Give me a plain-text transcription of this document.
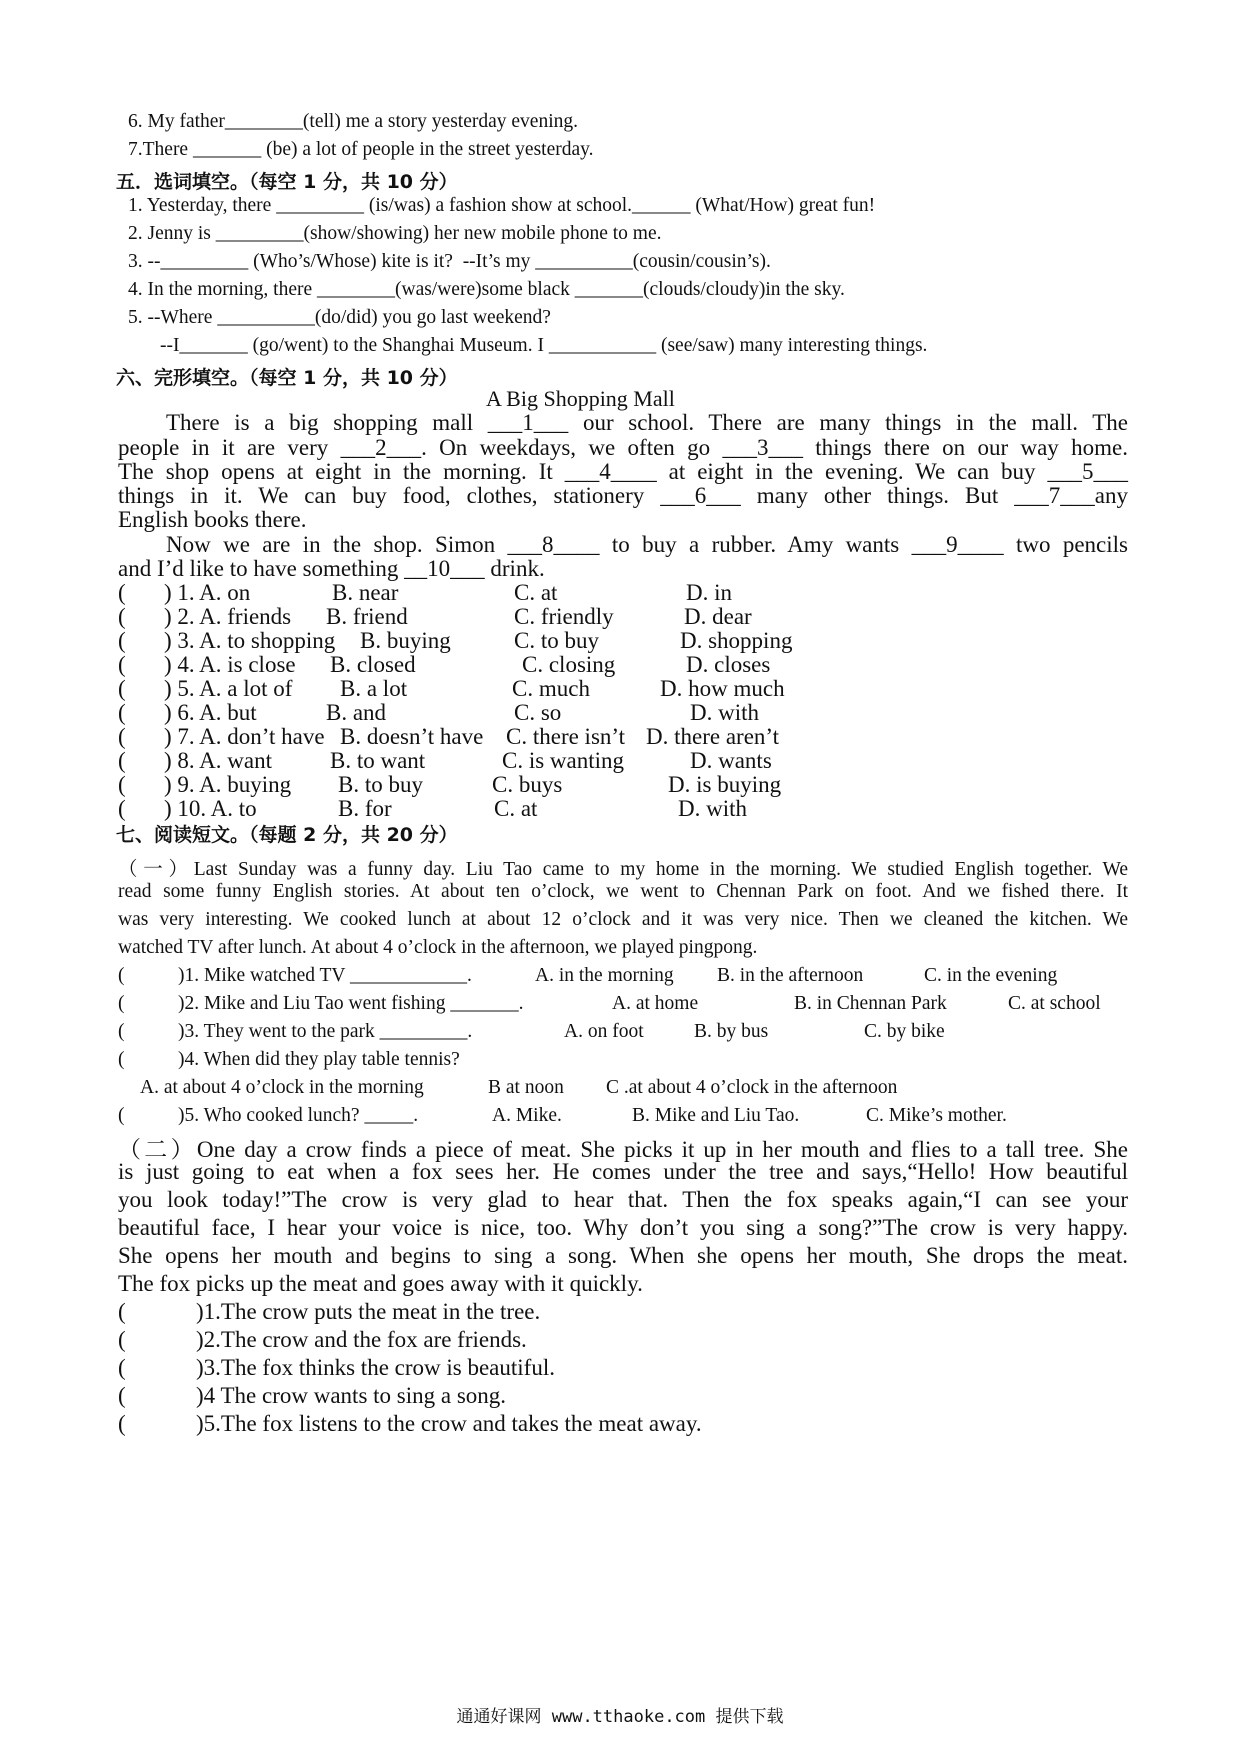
6. My father________(tell) me a story yesterday evening.
7.There _______ (be) a lot of people in the street yesterday.
五．选词填空。（每空 1 分，共 10 分）
1. Yesterday, there _________ (is/was) a fashion show at school.______ (What/How) great fun!
2. Jenny is _________(show/showing) her new mobile phone to me.
3. --_________ (Who’s/Whose) kite is it?  --It’s my __________(cousin/cousin’s).
4. In the morning, there ________(was/were)some black _______(clouds/cloudy)in the sky.
5. --Where __________(do/did) you go last weekend?
--I_______ (go/went) to the Shanghai Museum. I ___________ (see/saw) many interesting things.
六、完形填空。（每空 1 分，共 10 分）
A Big Shopping Mall
There is a big shopping mall ___1___ our school. There are many things in the mall. The
people in it are very ___2___. On weekdays, we often go ___3___ things there on our way home.
The shop opens at eight in the morning. It ___4____ at eight in the evening. We can buy ___5___
things in it. We can buy food, clothes, stationery ___6___ many other things. But ___7___any
English books there.
Now we are in the shop. Simon ___8____ to buy a rubber. Amy wants ___9____ two pencils
and I’d like to have something __10___ drink.
( ) 1. A. on	B. near	C. at	D. in
( ) 2. A. friends B. friend	C. friendly	D. dear
( ) 3. A. to shopping B. buying	C. to buy	D. shopping
( ) 4. A. is close B. closed	C. closing	D. closes
( ) 5. A. a lot of B. a lot	C. much	D. how much
( ) 6. A. but	B. and	C. so	D. with
( ) 7. A. don’t have B. doesn’t have C. there isn’t D. there aren’t
( ) 8. A. want	B. to want	C. is wanting	D. wants
( ) 9. A. buying B. to buy	C. buys	D. is buying
( ) 10. A. to	B. for	C. at	D. with
七、阅读短文。（每题 2 分，共 20 分）
（一）Last Sunday was a funny day. Liu Tao came to my home in the morning. We studied English together. We
read some funny English stories. At about ten o’clock, we went to Chennan Park on foot. And we fished there. It
was very interesting. We cooked lunch at about 12 o’clock and it was very nice. Then we cleaned the kitchen. We
watched TV after lunch. At about 4 o’clock in the afternoon, we played pingpong.
(	)1. Mike watched TV ____________.	A. in the morning B. in the afternoon	C. in the evening
(	)2. Mike and Liu Tao went fishing _______.	A. at home	B. in Chennan Park	C. at school
(	)3. They went to the park _________.	A. on foot	B. by bus	C. by bike
(	)4. When did they play table tennis?
A. at about 4 o’clock in the morning	B at noon C .at about 4 o’clock in the afternoon
(	)5. Who cooked lunch? _____.	A. Mike.	B. Mike and Liu Tao.	C. Mike’s mother.
（二）One day a crow finds a piece of meat. She picks it up in her mouth and flies to a tall tree. She
is just going to eat when a fox sees her. He comes under the tree and says,“Hello! How beautiful
you look today!”The crow is very glad to hear that. Then the fox speaks again,“I can see your
beautiful face, I hear your voice is nice, too. Why don’t you sing a song?”The crow is very happy.
She opens her mouth and begins to sing a song. When she opens her mouth, She drops the meat.
The fox picks up the meat and goes away with it quickly.
(	)1.The crow puts the meat in the tree.
(	)2.The crow and the fox are friends.
(	)3.The fox thinks the crow is beautiful.
(	)4 The crow wants to sing a song.
(	)5.The fox listens to the crow and takes the meat away.
通通好课网 www.tthaoke.com 提供下载
